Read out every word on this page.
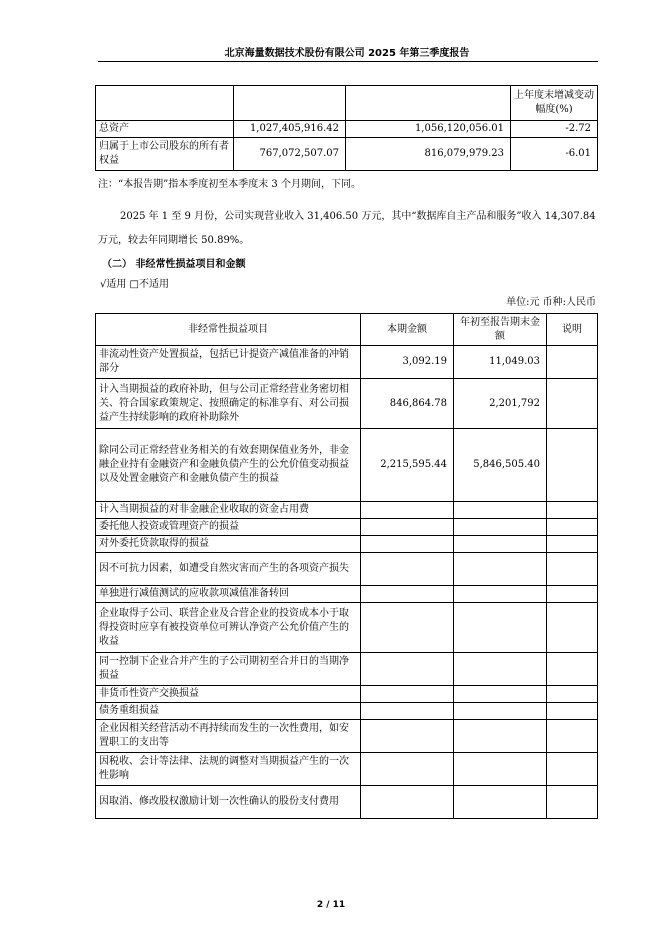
北京海量数据技术股份有限公司 2025 年第三季度报告
			上年度末增减变动幅度(%)
总资产	1,027,405,916.42	1,056,120,056.01	-2.72
归属于上市公司股东的所有者权益	767,072,507.07	816,079,979.23	-6.01
注：“本报告期”指本季度初至本季度末 3 个月期间，下同。
2025 年 1 至 9 月份，公司实现营业收入 31,406.50 万元，其中“数据库自主产品和服务”收入 14,307.84 万元，较去年同期增长 50.89%。
（二） 非经常性损益项目和金额
√适用 □不适用
单位:元 币种:人民币
非经常性损益项目	本期金额	年初至报告期末金额	说明
非流动性资产处置损益，包括已计提资产减值准备的冲销部分	3,092.19	11,049.03	
计入当期损益的政府补助，但与公司正常经营业务密切相关、符合国家政策规定、按照确定的标准享有、对公司损益产生持续影响的政府补助除外	846,864.78	2,201,792	
除同公司正常经营业务相关的有效套期保值业务外，非金融企业持有金融资产和金融负债产生的公允价值变动损益以及处置金融资产和金融负债产生的损益	2,215,595.44	5,846,505.40	
计入当期损益的对非金融企业收取的资金占用费			
委托他人投资或管理资产的损益			
对外委托贷款取得的损益			
因不可抗力因素，如遭受自然灾害而产生的各项资产损失			
单独进行减值测试的应收款项减值准备转回			
企业取得子公司、联营企业及合营企业的投资成本小于取得投资时应享有被投资单位可辨认净资产公允价值产生的收益			
同一控制下企业合并产生的子公司期初至合并日的当期净损益			
非货币性资产交换损益			
债务重组损益			
企业因相关经营活动不再持续而发生的一次性费用，如安置职工的支出等			
因税收、会计等法律、法规的调整对当期损益产生的一次性影响			
因取消、修改股权激励计划一次性确认的股份支付费用			
2 / 11
